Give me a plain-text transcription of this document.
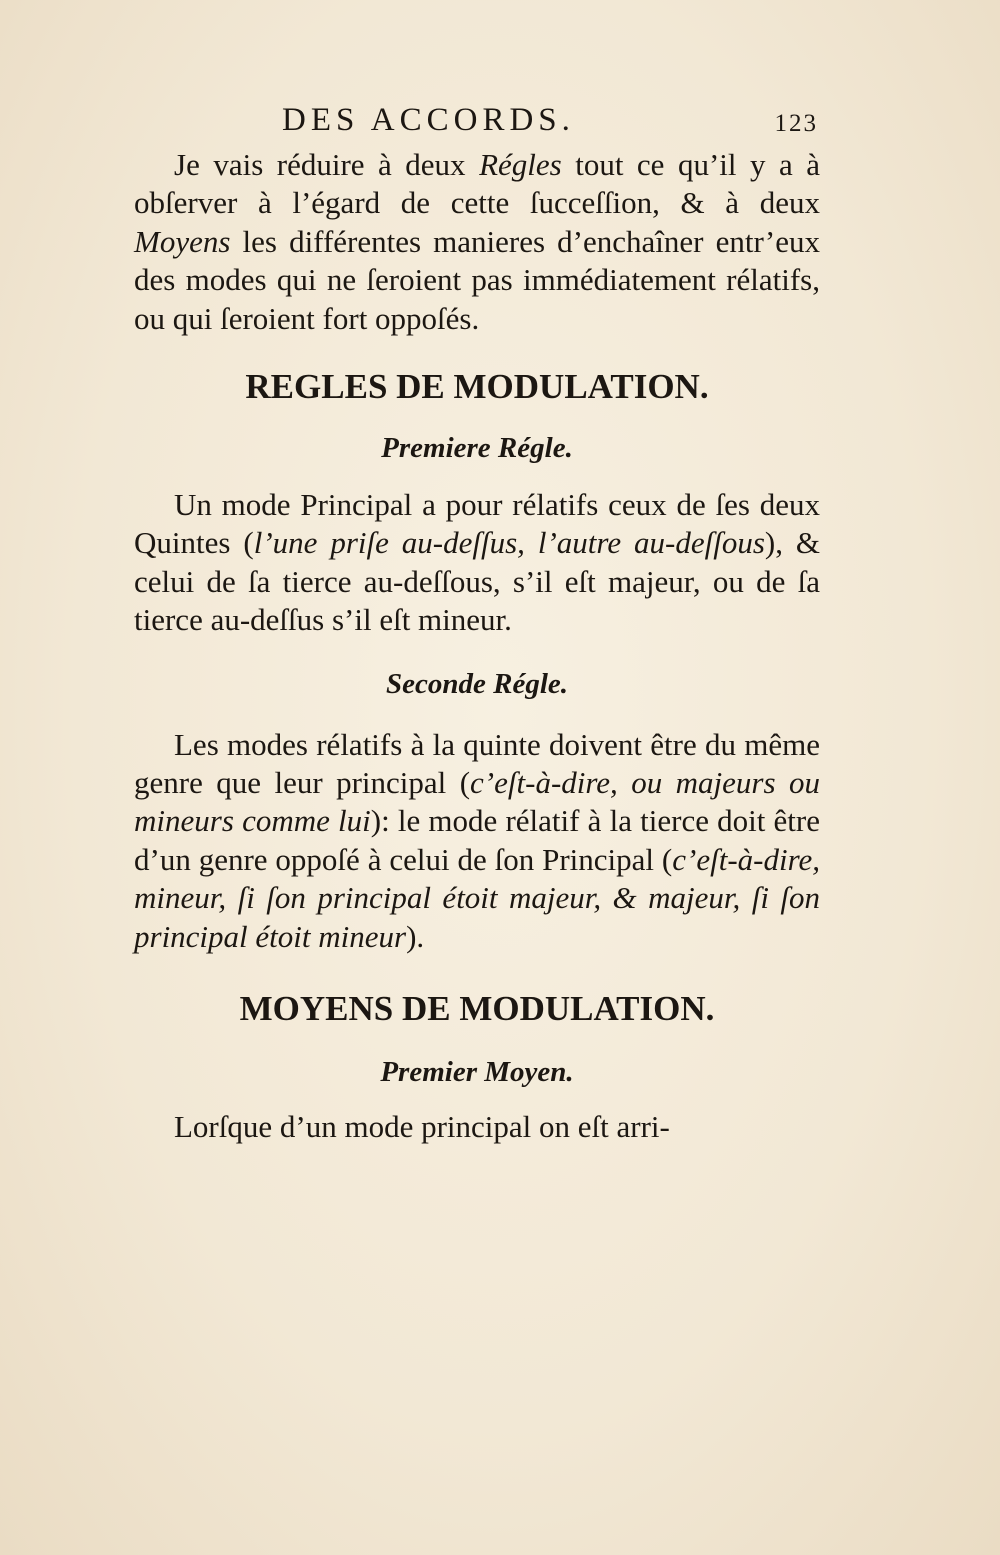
DES ACCORDS.	123

Je vais réduire à deux Régles tout ce qu’il y a à obſerver à l’égard de cette ſucceſſion, & à deux Moyens les différentes manieres d’enchaîner entr’eux des modes qui ne ſeroient pas immédiatement rélatifs, ou qui ſeroient fort oppoſés.

REGLES DE MODULATION.
Premiere Régle.

Un mode Principal a pour rélatifs ceux de ſes deux Quintes (l’une priſe au-deſſus, l’autre au-deſſous), & celui de ſa tierce au-deſſous, s’il eſt majeur, ou de ſa tierce au-deſſus s’il eſt mineur.

Seconde Régle.

Les modes rélatifs à la quinte doivent être du même genre que leur principal (c’eſt-à-dire, ou majeurs ou mineurs comme lui): le mode rélatif à la tierce doit être d’un genre oppoſé à celui de ſon Principal (c’eſt-à-dire, mineur, ſi ſon principal étoit majeur, & majeur, ſi ſon principal étoit mineur).

MOYENS DE MODULATION.
Premier Moyen.

Lorſque d’un mode principal on eſt arri-
